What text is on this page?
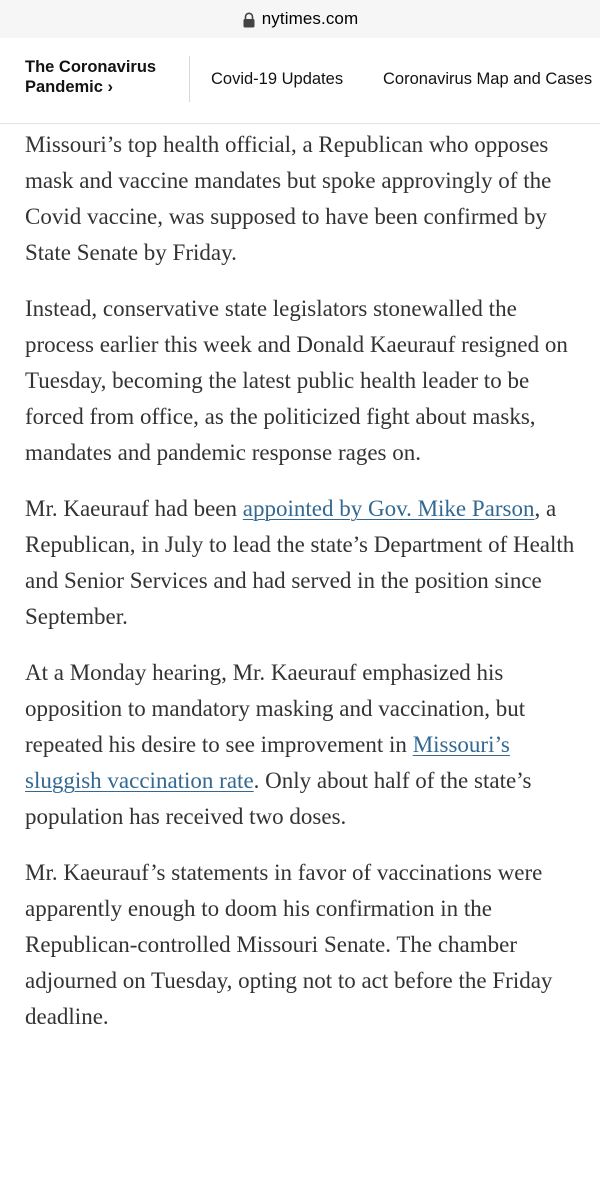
nytimes.com
The Coronavirus
Pandemic ›	Covid-19 Updates Coronavirus Map and Cases

Missouri’s top health official, a Republican who opposes mask and vaccine mandates but spoke approvingly of the Covid vaccine, was supposed to have been confirmed by State Senate by Friday.

Instead, conservative state legislators stonewalled the process earlier this week and Donald Kaeurauf resigned on Tuesday, becoming the latest public health leader to be forced from office, as the politicized fight about masks, mandates and pandemic response rages on.

Mr. Kaeurauf had been appointed by Gov. Mike Parson, a Republican, in July to lead the state’s Department of Health and Senior Services and had served in the position since September.

At a Monday hearing, Mr. Kaeurauf emphasized his opposition to mandatory masking and vaccination, but repeated his desire to see improvement in Missouri’s sluggish vaccination rate. Only about half of the state’s population has received two doses.

Mr. Kaeurauf’s statements in favor of vaccinations were apparently enough to doom his confirmation in the Republican-controlled Missouri Senate. The chamber adjourned on Tuesday, opting not to act before the Friday deadline.
